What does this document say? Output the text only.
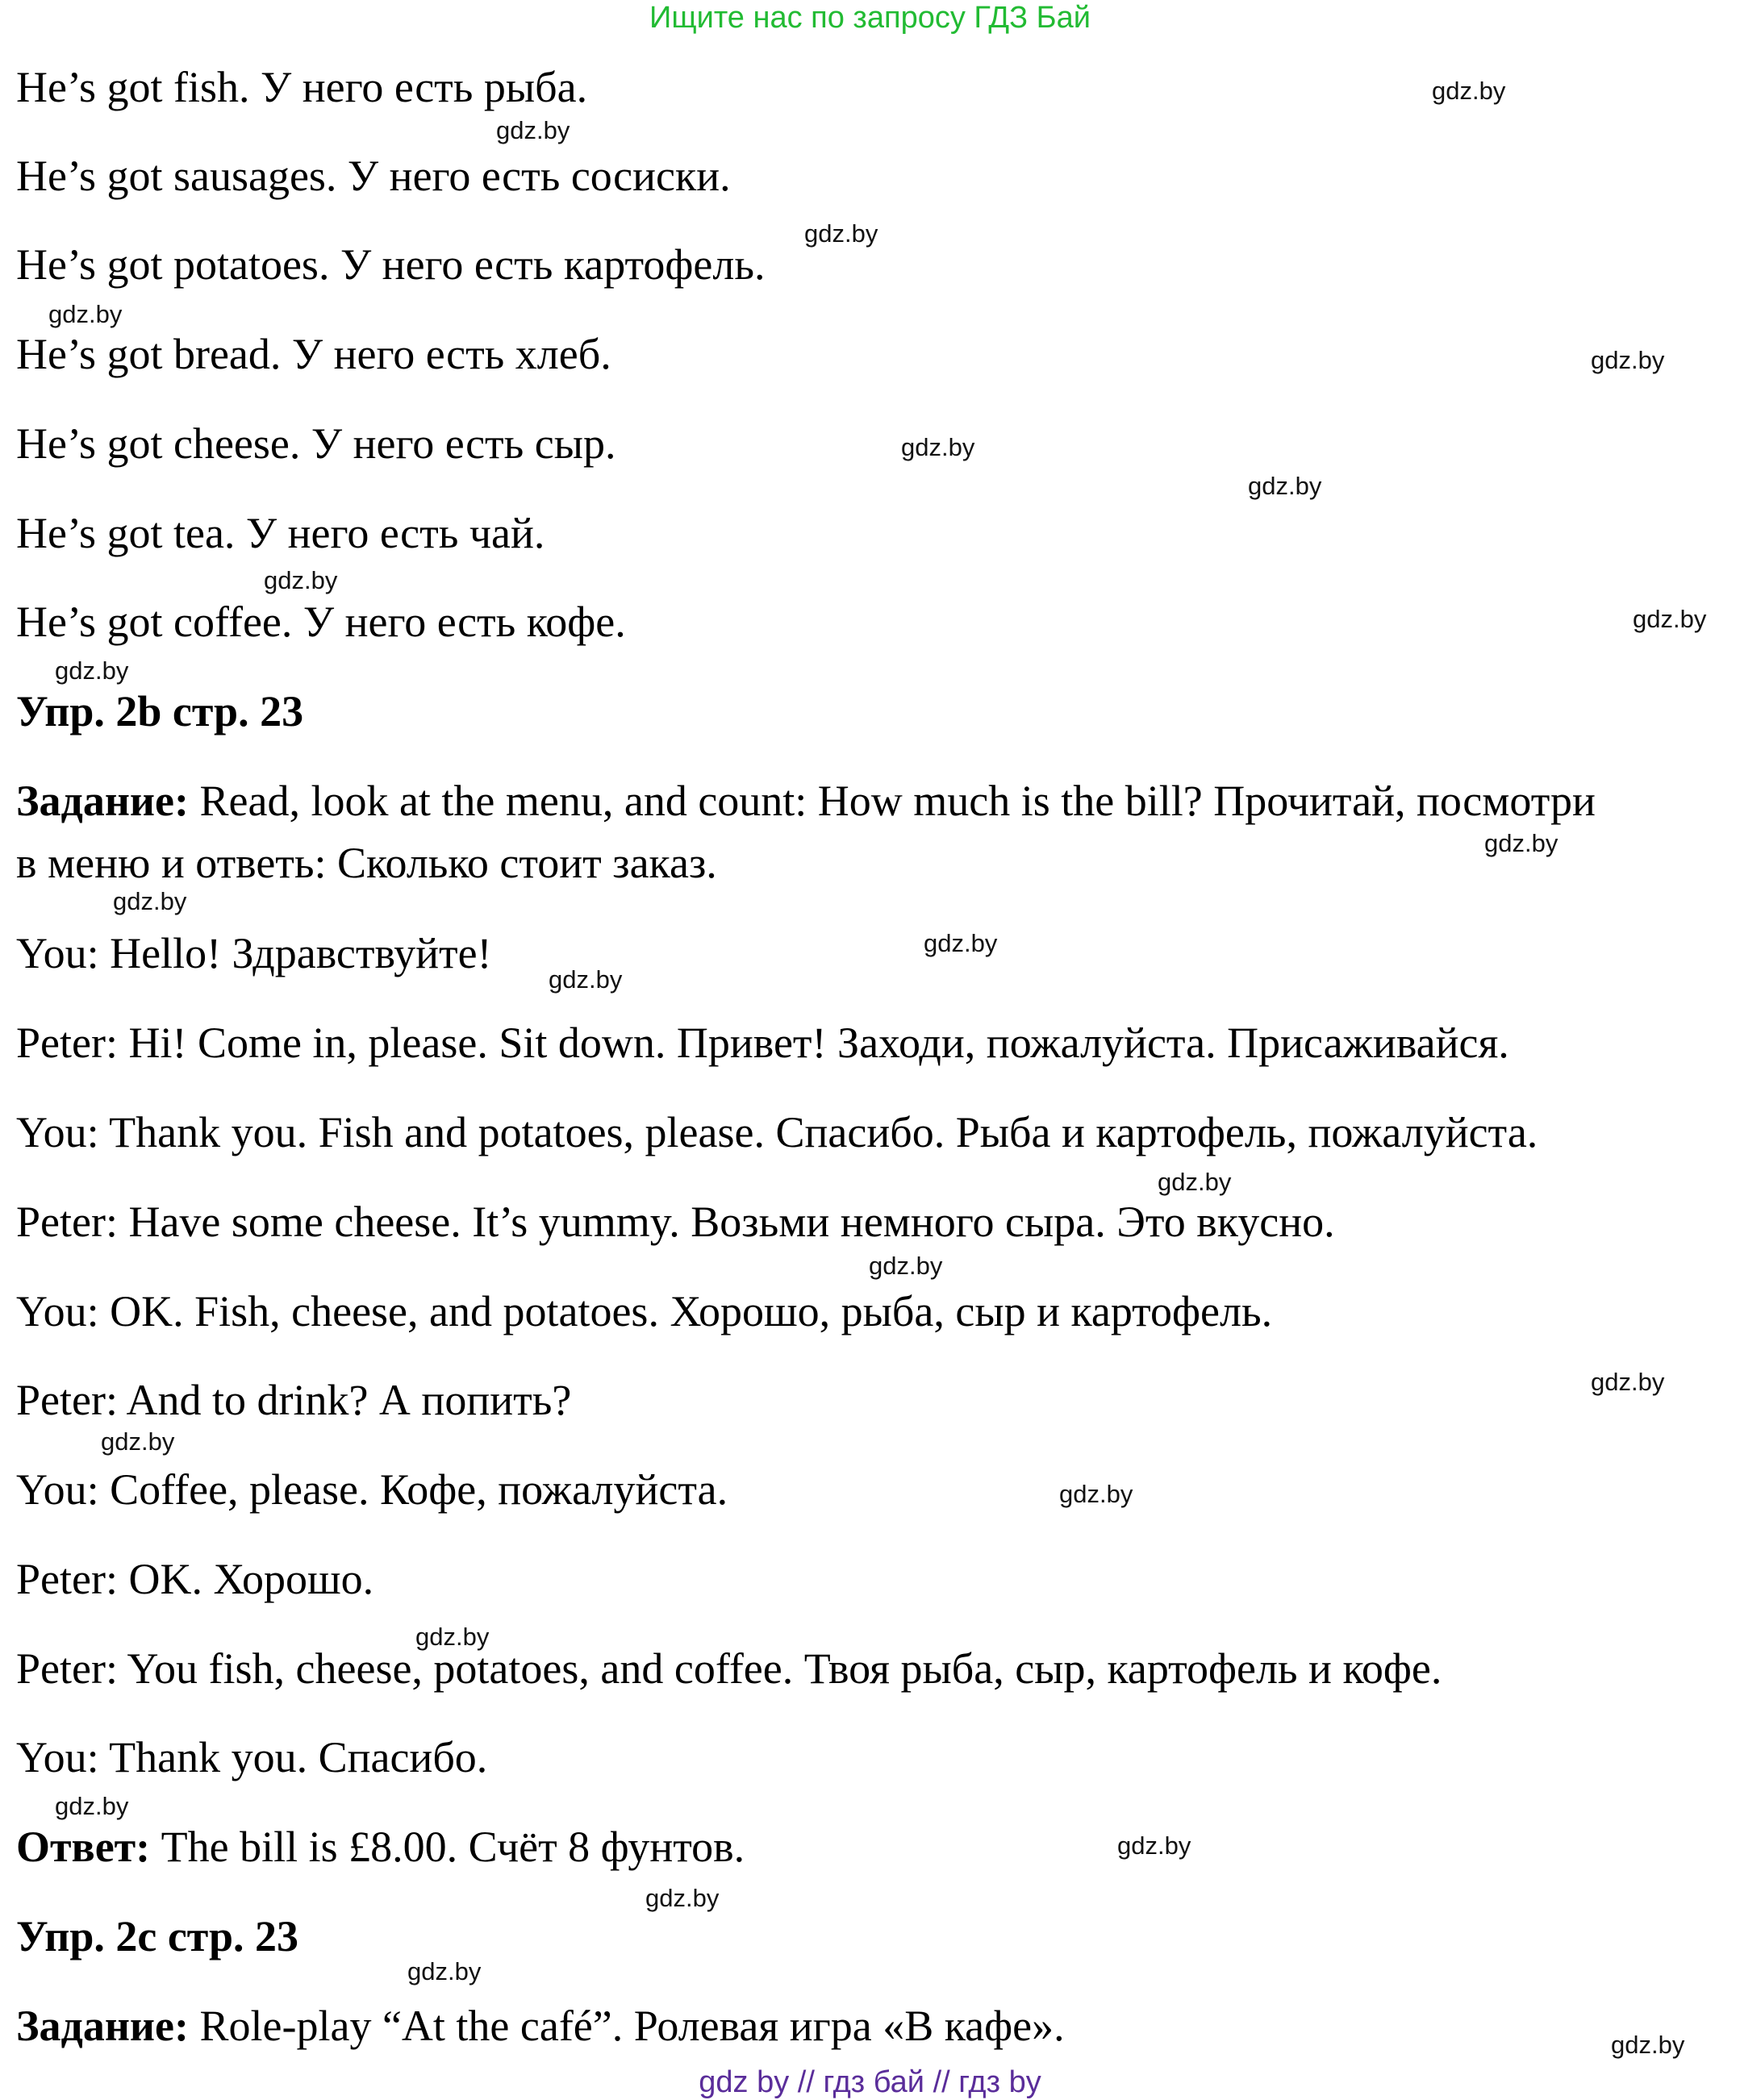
Ищите нас по запросу ГДЗ Бай
He’s got fish. У него есть рыба.
He’s got sausages. У него есть сосиски.
He’s got potatoes. У него есть картофель.
He’s got bread. У него есть хлеб.
He’s got cheese. У него есть сыр.
He’s got tea. У него есть чай.
He’s got coffee. У него есть кофе.
Упр. 2b стр. 23
Задание: Read, look at the menu, and count: How much is the bill? Прочитай, посмотри
в меню и ответь: Сколько стоит заказ.
You: Hello! Здравствуйте!
Peter: Hi! Come in, please. Sit down. Привет! Заходи, пожалуйста. Присаживайся.
You: Thank you. Fish and potatoes, please. Спасибо. Рыба и картофель, пожалуйста.
Peter: Have some cheese. It’s yummy. Возьми немного сыра. Это вкусно.
You: OK. Fish, cheese, and potatoes. Хорошо, рыба, сыр и картофель.
Peter: And to drink? А попить?
You: Coffee, please. Кофе, пожалуйста.
Peter: OK. Хорошо.
Peter: You fish, cheese, potatoes, and coffee. Твоя рыба, сыр, картофель и кофе.
You: Thank you. Спасибо.
Ответ: The bill is £8.00. Счёт 8 фунтов.
Упр. 2c стр. 23
Задание: Role-play “At the café”. Ролевая игра «В кафе».
gdz.by
gdz.by
gdz.by
gdz.by
gdz.by
gdz.by
gdz.by
gdz.by
gdz.by
gdz.by
gdz.by
gdz.by
gdz.by
gdz.by
gdz.by
gdz.by
gdz.by
gdz.by
gdz.by
gdz.by
gdz.by
gdz.by
gdz.by
gdz.by
gdz.by
gdz by // гдз бай // гдз by
